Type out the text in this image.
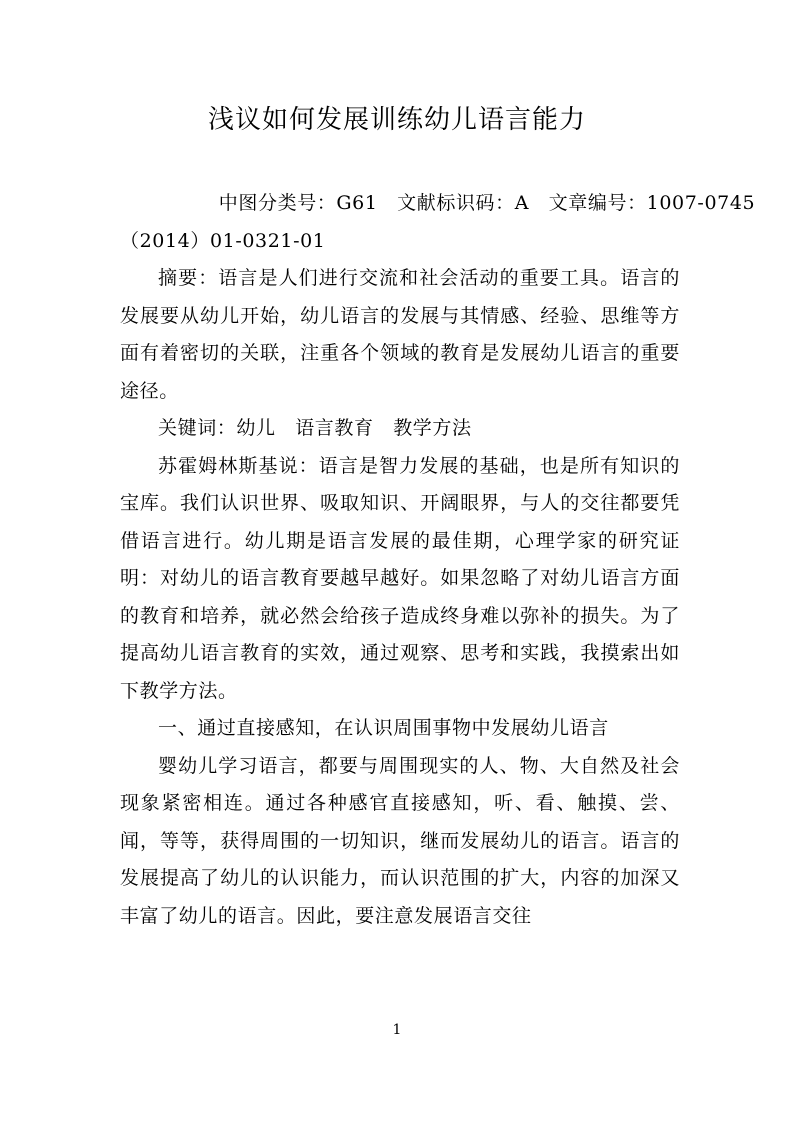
浅议如何发展训练幼儿语言能力

中图分类号：G61　文献标识码：A　文章编号：1007-0745

（2014）01-0321-01

摘要：语言是人们进行交流和社会活动的重要工具。语言的发展要从幼儿开始，幼儿语言的发展与其情感、经验、思维等方面有着密切的关联，注重各个领域的教育是发展幼儿语言的重要途径。

关键词：幼儿　语言教育　教学方法

苏霍姆林斯基说：语言是智力发展的基础，也是所有知识的宝库。我们认识世界、吸取知识、开阔眼界，与人的交往都要凭借语言进行。幼儿期是语言发展的最佳期，心理学家的研究证明：对幼儿的语言教育要越早越好。如果忽略了对幼儿语言方面的教育和培养，就必然会给孩子造成终身难以弥补的损失。为了提高幼儿语言教育的实效，通过观察、思考和实践，我摸索出如下教学方法。

一、通过直接感知，在认识周围事物中发展幼儿语言

婴幼儿学习语言，都要与周围现实的人、物、大自然及社会现象紧密相连。通过各种感官直接感知，听、看、触摸、尝、闻，等等，获得周围的一切知识，继而发展幼儿的语言。语言的发展提高了幼儿的认识能力，而认识范围的扩大，内容的加深又丰富了幼儿的语言。因此，要注意发展语言交往

1
